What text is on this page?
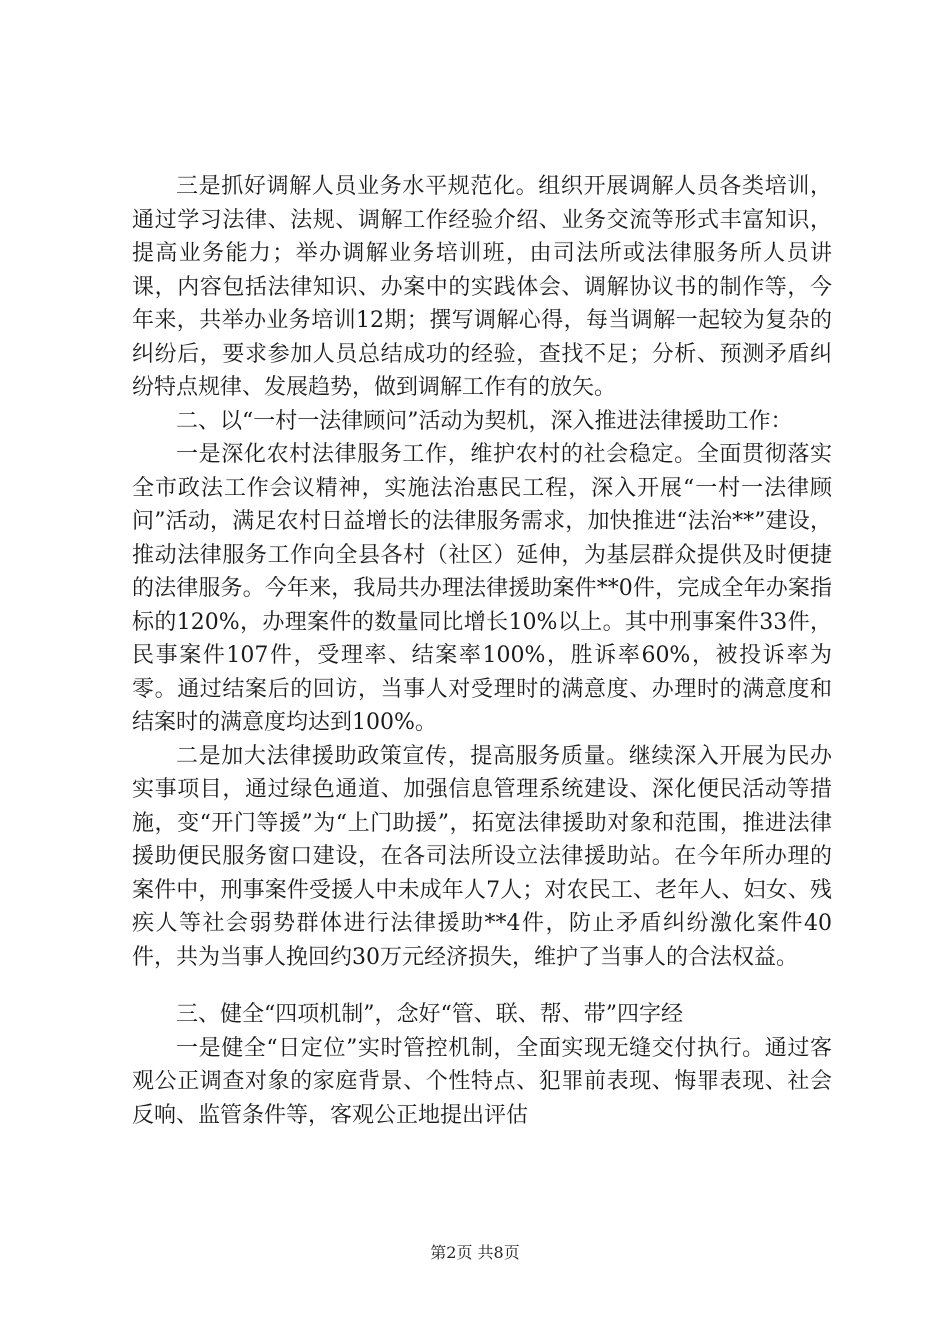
三是抓好调解人员业务水平规范化。组织开展调解人员各类培训，通过学习法律、法规、调解工作经验介绍、业务交流等形式丰富知识，提高业务能力；举办调解业务培训班，由司法所或法律服务所人员讲课，内容包括法律知识、办案中的实践体会、调解协议书的制作等，今年来，共举办业务培训12期；撰写调解心得，每当调解一起较为复杂的纠纷后，要求参加人员总结成功的经验，查找不足；分析、预测矛盾纠纷特点规律、发展趋势，做到调解工作有的放矢。

二、以“一村一法律顾问”活动为契机，深入推进法律援助工作：

一是深化农村法律服务工作，维护农村的社会稳定。全面贯彻落实全市政法工作会议精神，实施法治惠民工程，深入开展“一村一法律顾问”活动，满足农村日益增长的法律服务需求，加快推进“法治**”建设，推动法律服务工作向全县各村（社区）延伸，为基层群众提供及时便捷的法律服务。今年来，我局共办理法律援助案件**0件，完成全年办案指标的120%，办理案件的数量同比增长10%以上。其中刑事案件33件，民事案件107件，受理率、结案率100%，胜诉率60%，被投诉率为零。通过结案后的回访，当事人对受理时的满意度、办理时的满意度和结案时的满意度均达到100%。

二是加大法律援助政策宣传，提高服务质量。继续深入开展为民办实事项目，通过绿色通道、加强信息管理系统建设、深化便民活动等措施，变“开门等援”为“上门助援”，拓宽法律援助对象和范围，推进法律援助便民服务窗口建设，在各司法所设立法律援助站。在今年所办理的案件中，刑事案件受援人中未成年人7人；对农民工、老年人、妇女、残疾人等社会弱势群体进行法律援助**4件，防止矛盾纠纷激化案件40件，共为当事人挽回约30万元经济损失，维护了当事人的合法权益。

三、健全“四项机制”，念好“管、联、帮、带”四字经

一是健全“日定位”实时管控机制，全面实现无缝交付执行。通过客观公正调查对象的家庭背景、个性特点、犯罪前表现、悔罪表现、社会反响、监管条件等，客观公正地提出评估

第2页 共8页
